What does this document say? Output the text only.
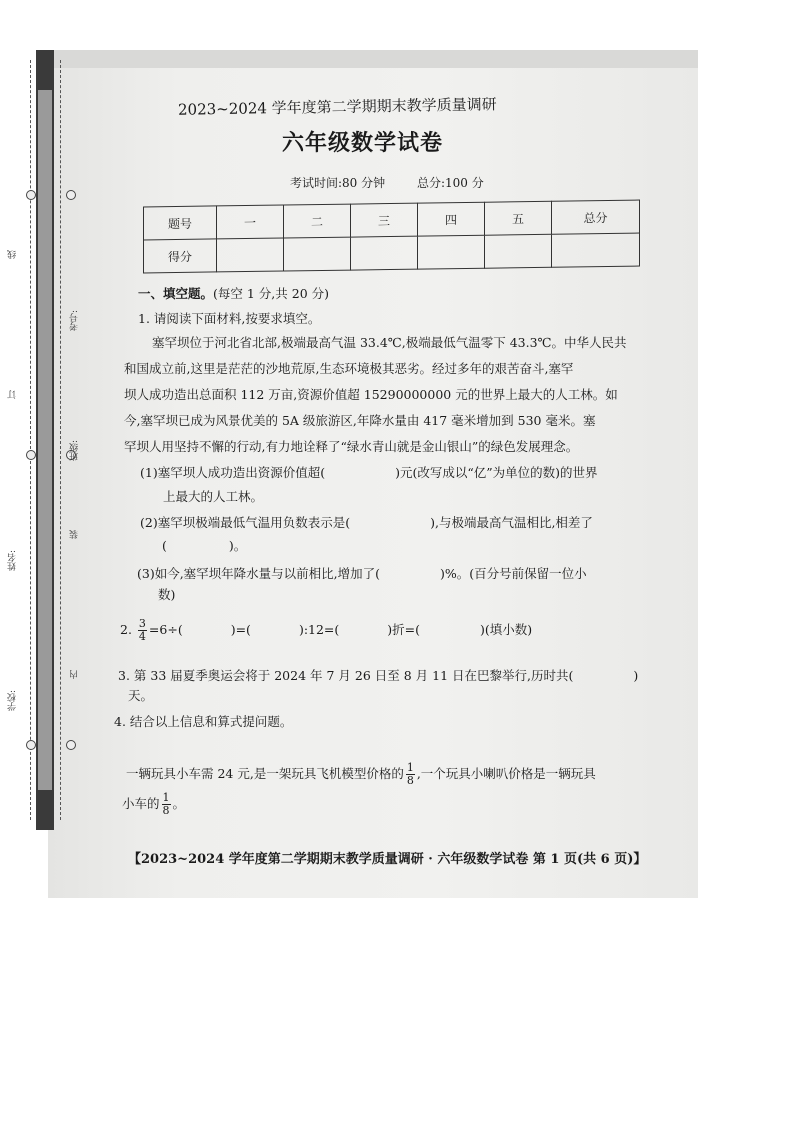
线
考号:
订
班级:
装
姓名:
内
学校:
2023~2024 学年度第二学期期末教学质量调研
六年级数学试卷
考试时间:80 分钟	总分:100 分
题号	一	二	三	四	五	总分
得分						
一、填空题。(每空 1 分,共 20 分)
1. 请阅读下面材料,按要求填空。
塞罕坝位于河北省北部,极端最高气温 33.4℃,极端最低气温零下 43.3℃。中华人民共
和国成立前,这里是茫茫的沙地荒原,生态环境极其恶劣。经过多年的艰苦奋斗,塞罕
坝人成功造出总面积 112 万亩,资源价值超 15290000000 元的世界上最大的人工林。如
今,塞罕坝已成为风景优美的 5A 级旅游区,年降水量由 417 毫米增加到 530 毫米。塞
罕坝人用坚持不懈的行动,有力地诠释了“绿水青山就是金山银山”的绿色发展理念。
(1)塞罕坝人成功造出资源价值超(	)元(改写成以“亿”为单位的数)的世界
上最大的人工林。
(2)塞罕坝极端最低气温用负数表示是(	),与极端最高气温相比,相差了
(	)。
(3)如今,塞罕坝年降水量与以前相比,增加了(	)%。(百分号前保留一位小
数)
2. $\frac{3}{4} =6\div$(	)=(	):12=(	)折=(	)(填小数)
3. 第 33 届夏季奥运会将于 2024 年 7 月 26 日至 8 月 11 日在巴黎举行,历时共(	)
天。
4. 结合以上信息和算式提问题。
一辆玩具小车需 24 元,是一架玩具飞机模型价格的 $\frac{1}{8}$ ,一个玩具小喇叭价格是一辆玩具
小车的 $\frac{1}{8}$ 。
【2023~2024 学年度第二学期期末教学质量调研 · 六年级数学试卷 第 1 页(共 6 页)】
